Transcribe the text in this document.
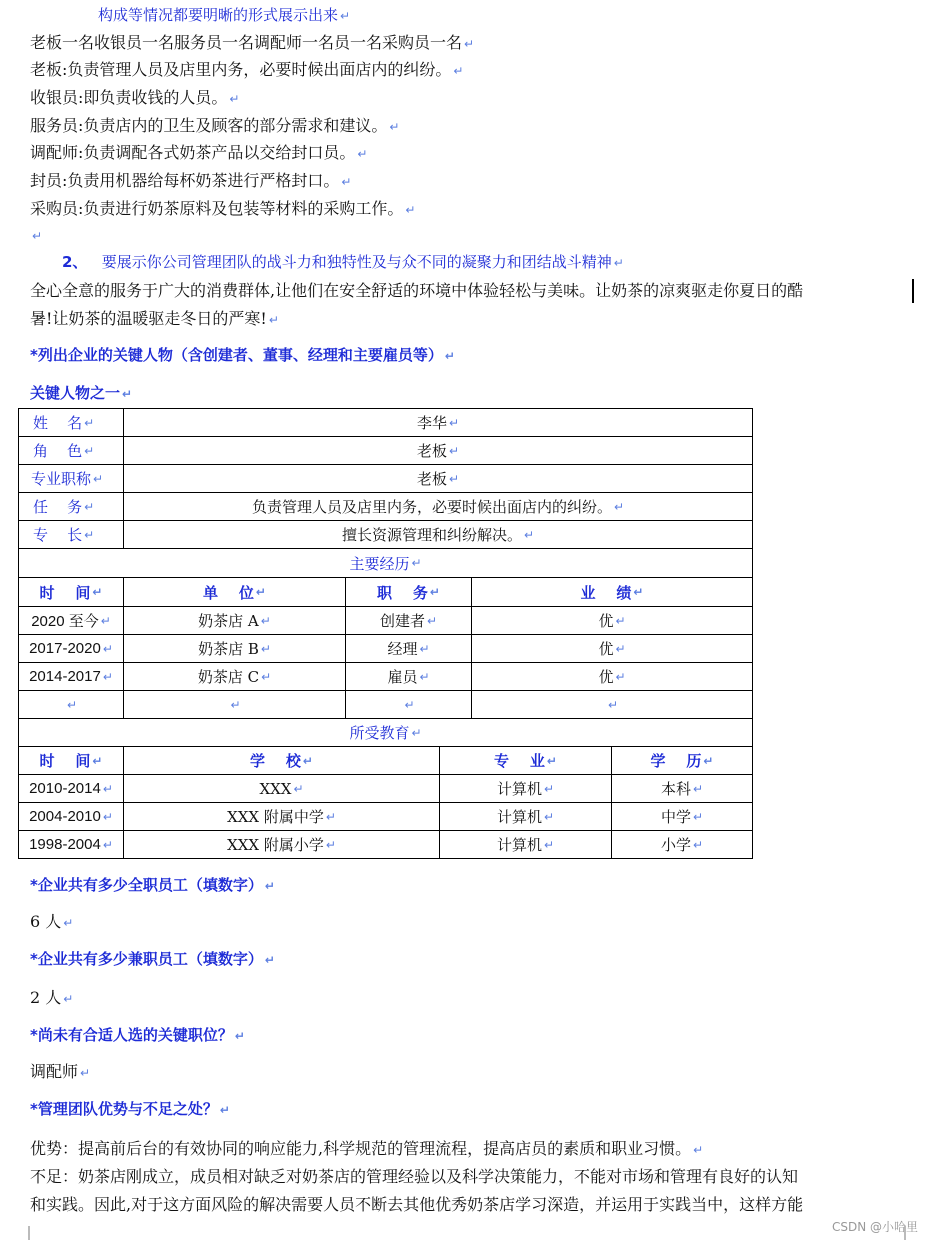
构成等情况都要明晰的形式展示出来 ↵
老板一名收银员一名服务员一名调配师一名员一名采购员一名 ↵
老板:负责管理人员及店里内务，必要时候出面店内的纠纷。 ↵
收银员:即负责收钱的人员。 ↵
服务员:负责店内的卫生及顾客的部分需求和建议。 ↵
调配师:负责调配各式奶茶产品以交给封口员。 ↵
封员:负责用机器给每杯奶茶进行严格封口。 ↵
采购员:负责进行奶茶原料及包装等材料的采购工作。 ↵
↵
2、 要展示你公司管理团队的战斗力和独特性及与众不同的凝聚力和团结战斗精神 ↵
全心全意的服务于广大的消费群体,让他们在安全舒适的环境中体验轻松与美味。让奶茶的凉爽驱走你夏日的酷
暑!让奶茶的温暖驱走冬日的严寒! ↵
*列出企业的关键人物（含创建者、董事、经理和主要雇员等） ↵
关键人物之一 ↵
姓    名 ↵	李华 ↵
角    色 ↵	老板 ↵
专业职称 ↵	老板 ↵
任    务 ↵	负责管理人员及店里内务，必要时候出面店内的纠纷。 ↵
专    长 ↵	擅长资源管理和纠纷解决。 ↵
主要经历 ↵
时    间 ↵	单    位 ↵	职    务 ↵	业    绩 ↵
2020 至今 ↵	奶茶店 A ↵	创建者 ↵	优 ↵
2017-2020 ↵	奶茶店 B ↵	经理 ↵	优 ↵
2014-2017 ↵	奶茶店 C ↵	雇员 ↵	优 ↵
↵	↵	↵	↵
所受教育 ↵
时    间 ↵	学    校 ↵	专    业 ↵	学    历 ↵
2010-2014 ↵	XXX ↵	计算机 ↵	本科 ↵
2004-2010 ↵	XXX 附属中学 ↵	计算机 ↵	中学 ↵
1998-2004 ↵	XXX 附属小学 ↵	计算机 ↵	小学 ↵
*企业共有多少全职员工（填数字） ↵
6 人 ↵
*企业共有多少兼职员工（填数字） ↵
2 人 ↵
*尚未有合适人选的关键职位？ ↵
调配师 ↵
*管理团队优势与不足之处？ ↵
优势：提高前后台的有效协同的响应能力,科学规范的管理流程，提高店员的素质和职业习惯。 ↵
不足：奶茶店刚成立，成员相对缺乏对奶茶店的管理经验以及科学决策能力，不能对市场和管理有良好的认知
和实践。因此,对于这方面风险的解决需要人员不断去其他优秀奶茶店学习深造，并运用于实践当中，这样方能
CSDN @小哈里
